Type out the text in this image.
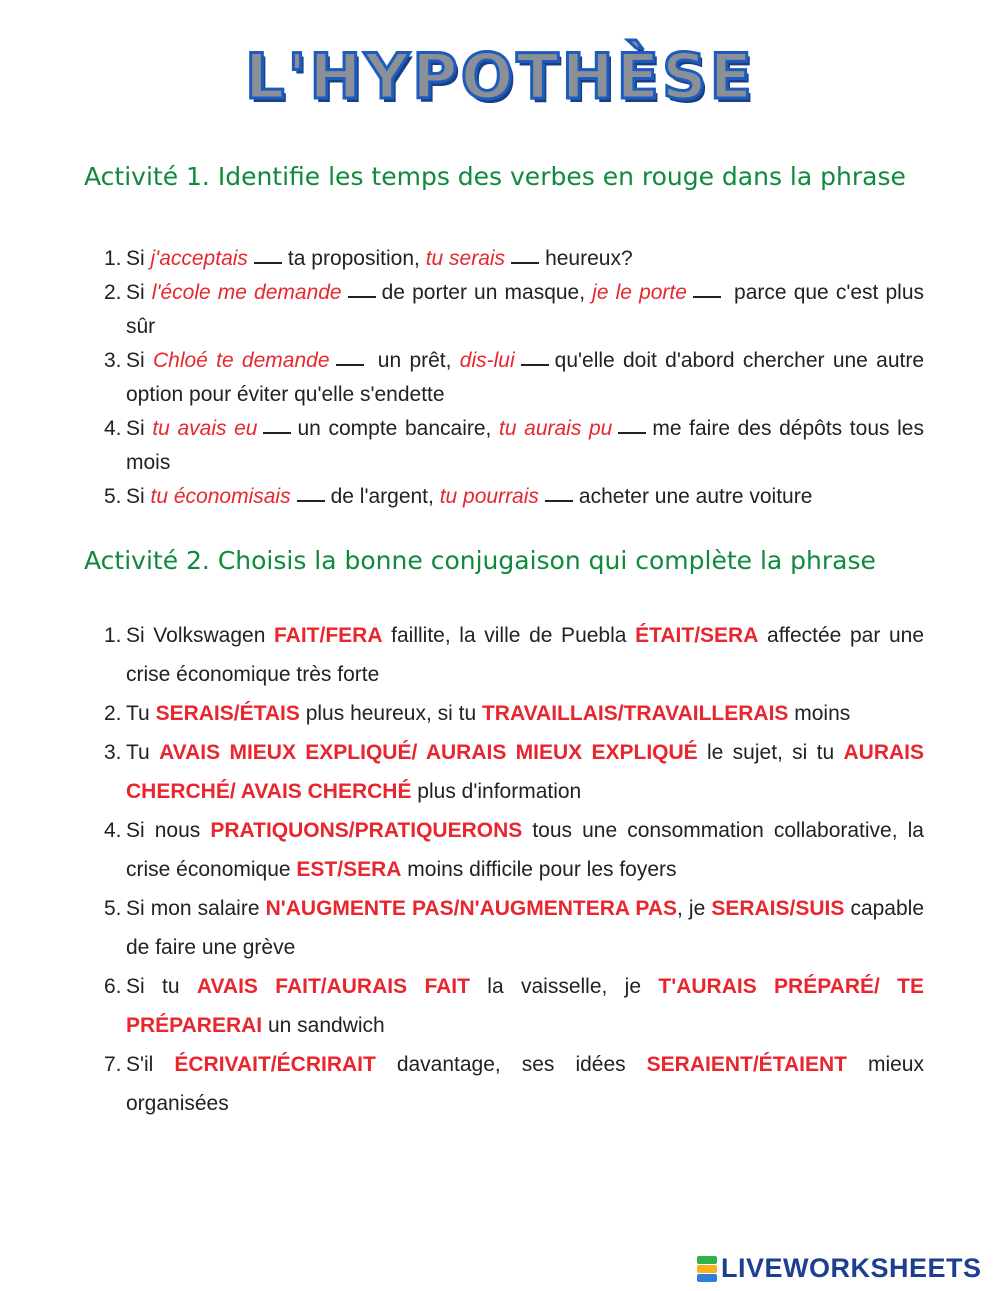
L'HYPOTHÈSE
Activité 1. Identifie les temps des verbes en rouge dans la phrase
1. Si j'acceptais ta proposition, tu serais heureux?
2. Si l'école me demande de porter un masque, je le porte parce que c'est plus sûr
3. Si Chloé te demande un prêt, dis-lui qu'elle doit d'abord chercher une autre option pour éviter qu'elle s'endette
4. Si tu avais eu un compte bancaire, tu aurais pu me faire des dépôts tous les mois
5. Si tu économisais de l'argent, tu pourrais acheter une autre voiture
Activité 2. Choisis la bonne conjugaison qui complète la phrase
1. Si Volkswagen FAIT/FERA faillite, la ville de Puebla ÉTAIT/SERA affectée par une crise économique très forte
2. Tu SERAIS/ÉTAIS plus heureux, si tu TRAVAILLAIS/TRAVAILLERAIS moins
3. Tu AVAIS MIEUX EXPLIQUÉ/ AURAIS MIEUX EXPLIQUÉ le sujet, si tu AURAIS CHERCHÉ/ AVAIS CHERCHÉ plus d'information
4. Si nous PRATIQUONS/PRATIQUERONS tous une consommation collaborative, la crise économique EST/SERA moins difficile pour les foyers
5. Si mon salaire N'AUGMENTE PAS/N'AUGMENTERA PAS, je SERAIS/SUIS capable de faire une grève
6. Si tu AVAIS FAIT/AURAIS FAIT la vaisselle, je T'AURAIS PRÉPARÉ/ TE PRÉPARERAI un sandwich
7. S'il ÉCRIVAIT/ÉCRIRAIT davantage, ses idées SERAIENT/ÉTAIENT mieux organisées
LIVEWORKSHEETS
